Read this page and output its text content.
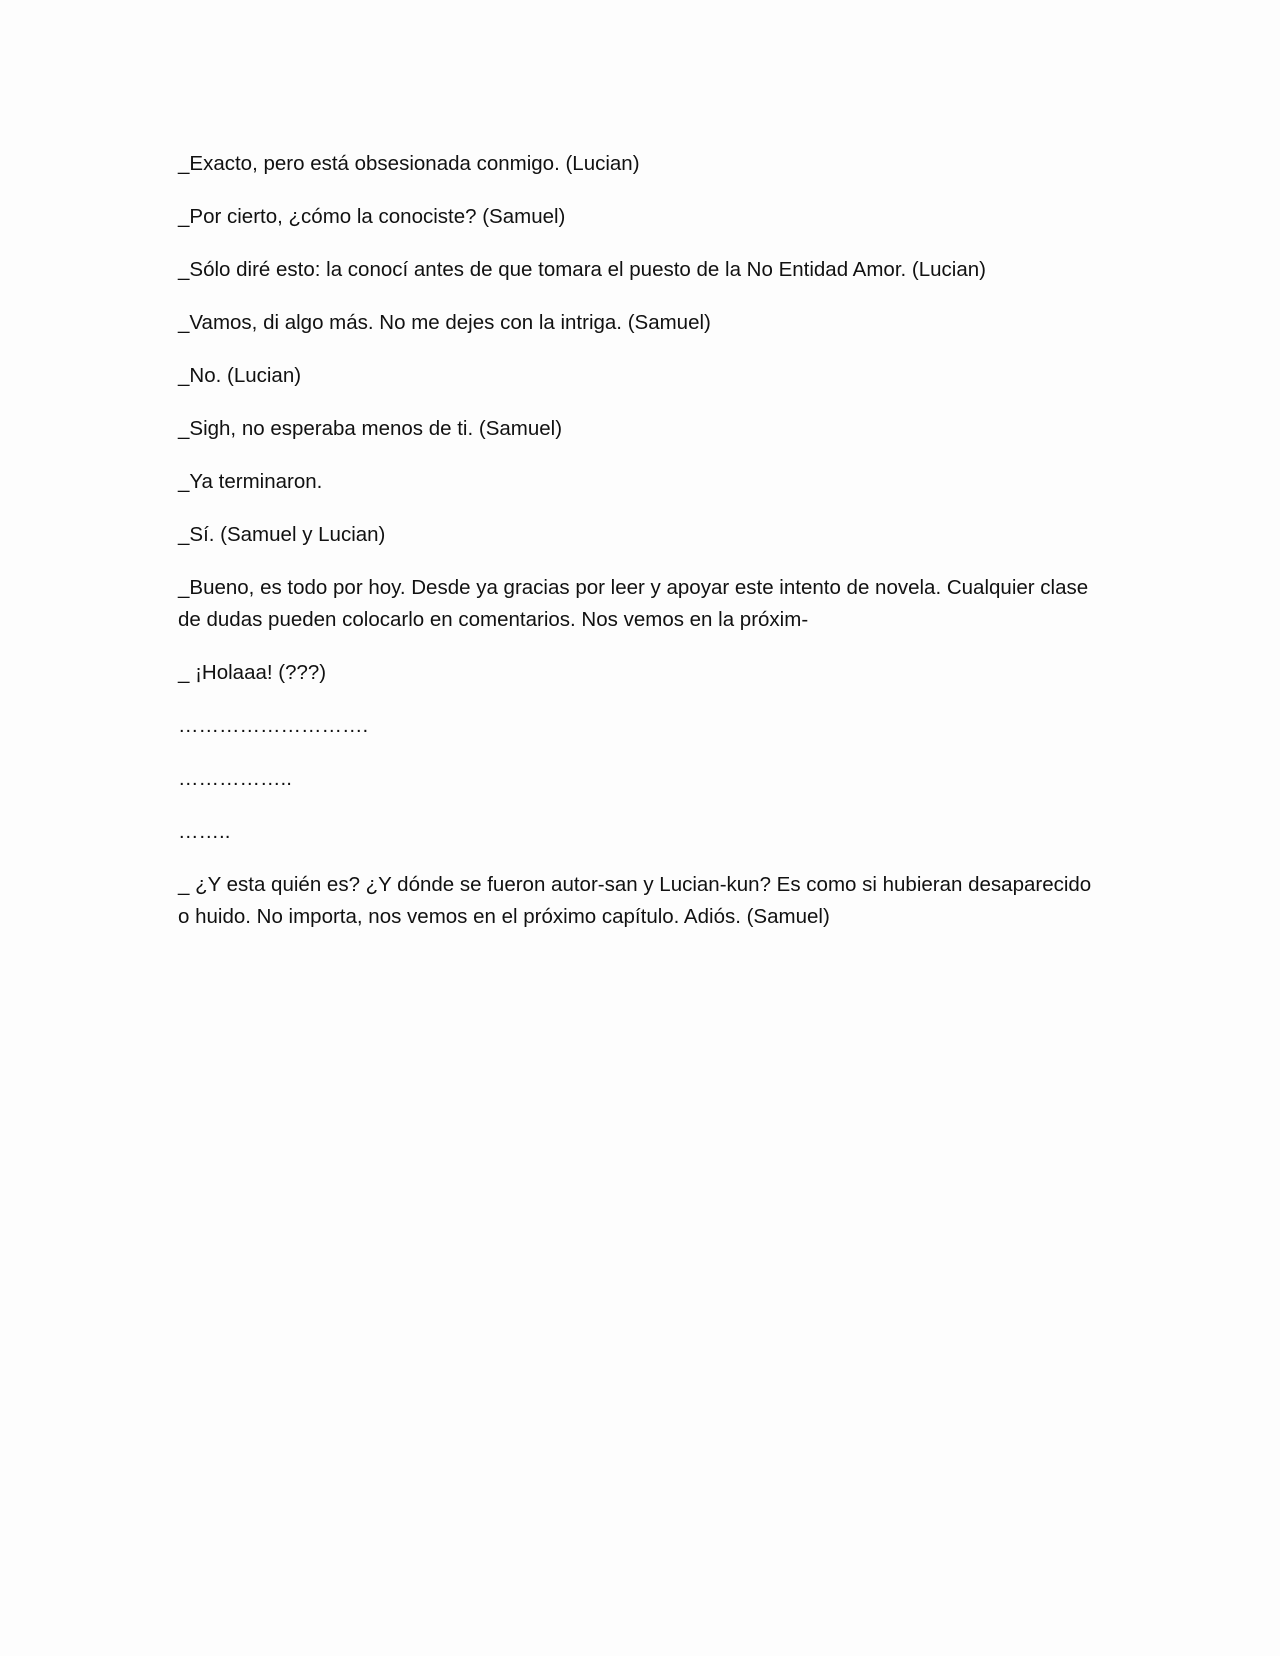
_Exacto, pero está obsesionada conmigo. (Lucian)

_Por cierto, ¿cómo la conociste? (Samuel)

_Sólo diré esto: la conocí antes de que tomara el puesto de la No Entidad Amor. (Lucian)

_Vamos, di algo más. No me dejes con la intriga. (Samuel)

_No. (Lucian)

_Sigh, no esperaba menos de ti. (Samuel)

_Ya terminaron.

_Sí. (Samuel y Lucian)

_Bueno, es todo por hoy. Desde ya gracias por leer y apoyar este intento de novela. Cualquier clase de dudas pueden colocarlo en comentarios. Nos vemos en la próxim-

_ ¡Holaaa! (???)

……………………….

……………..

……..

_ ¿Y esta quién es? ¿Y dónde se fueron autor-san y Lucian-kun? Es como si hubieran desaparecido o huido. No importa, nos vemos en el próximo capítulo. Adiós. (Samuel)
